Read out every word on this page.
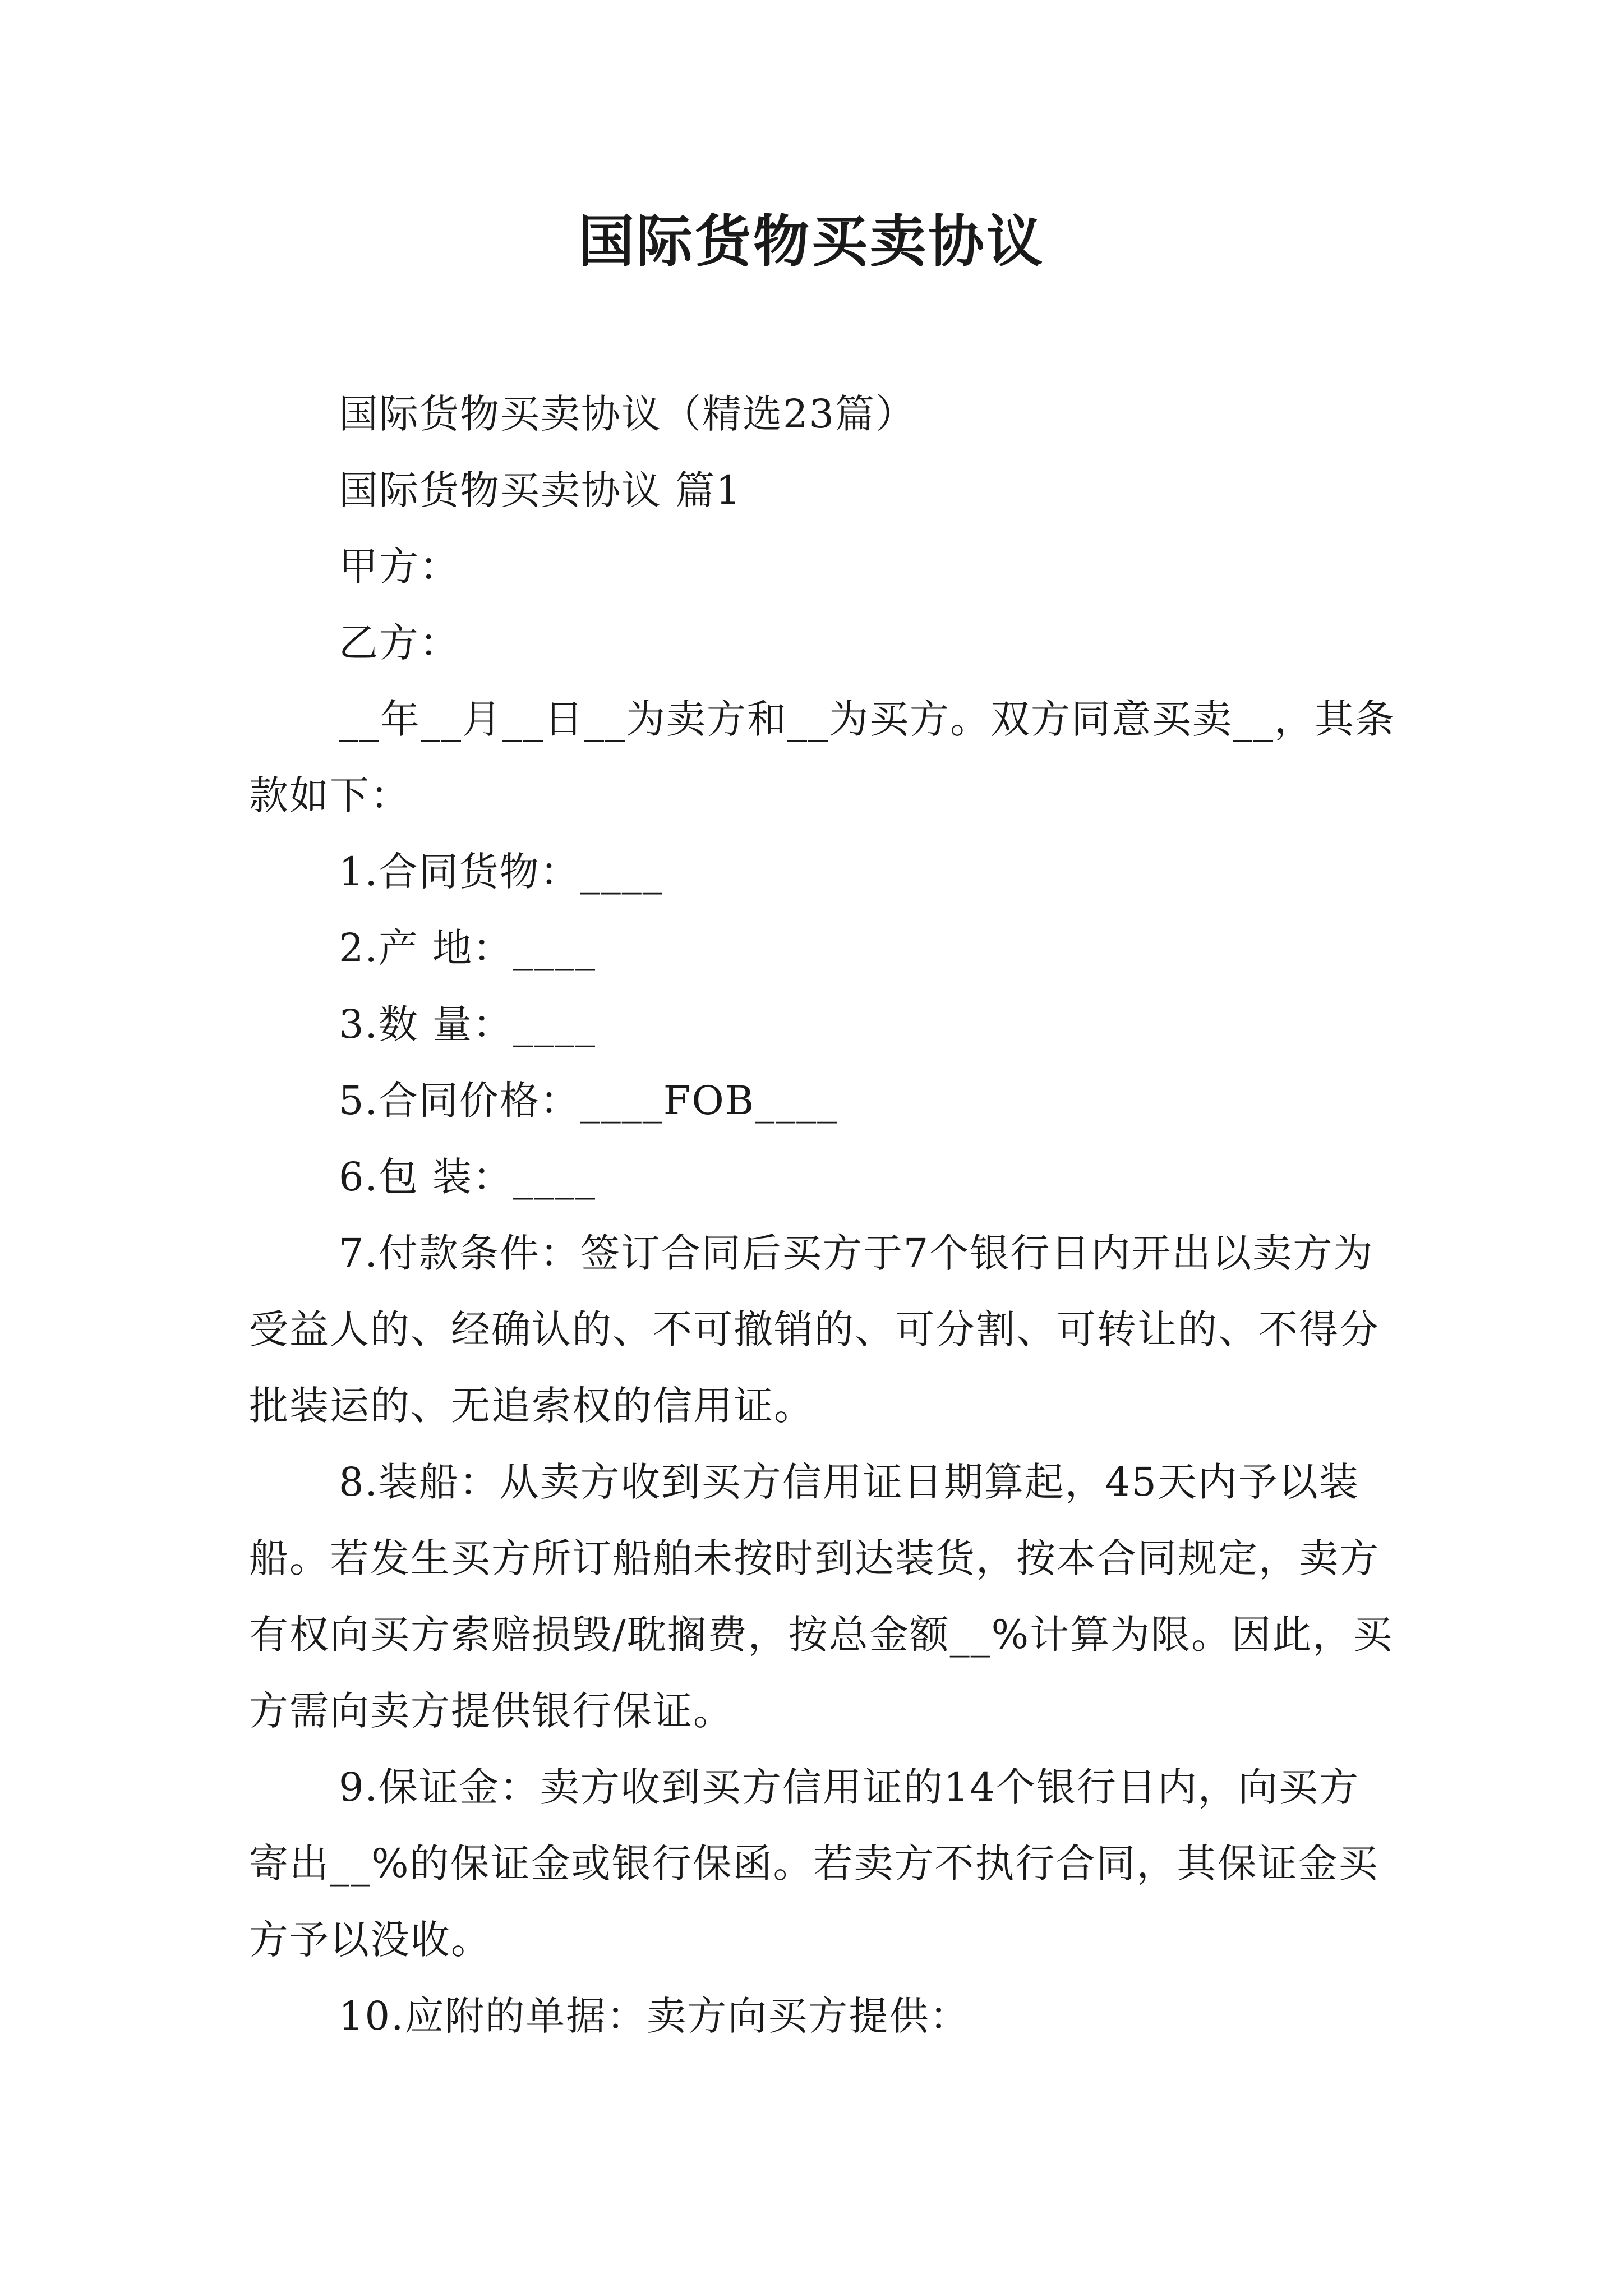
国际货物买卖协议

国际货物买卖协议（精选23篇）

国际货物买卖协议 篇1

甲方：

乙方：

__年__月__日__为卖方和__为买方。双方同意买卖__，其条款如下：

1.合同货物：____

2.产 地：____

3.数 量：____

5.合同价格：____FOB____

6.包 装：____

7.付款条件：签订合同后买方于7个银行日内开出以卖方为受益人的、经确认的、不可撤销的、可分割、可转让的、不得分批装运的、无追索权的信用证。

8.装船：从卖方收到买方信用证日期算起，45天内予以装船。若发生买方所订船舶未按时到达装货，按本合同规定，卖方有权向买方索赔损毁/耽搁费，按总金额__%计算为限。因此，买方需向卖方提供银行保证。

9.保证金：卖方收到买方信用证的14个银行日内，向买方寄出__%的保证金或银行保函。若卖方不执行合同，其保证金买方予以没收。

10.应附的单据：卖方向买方提供：
